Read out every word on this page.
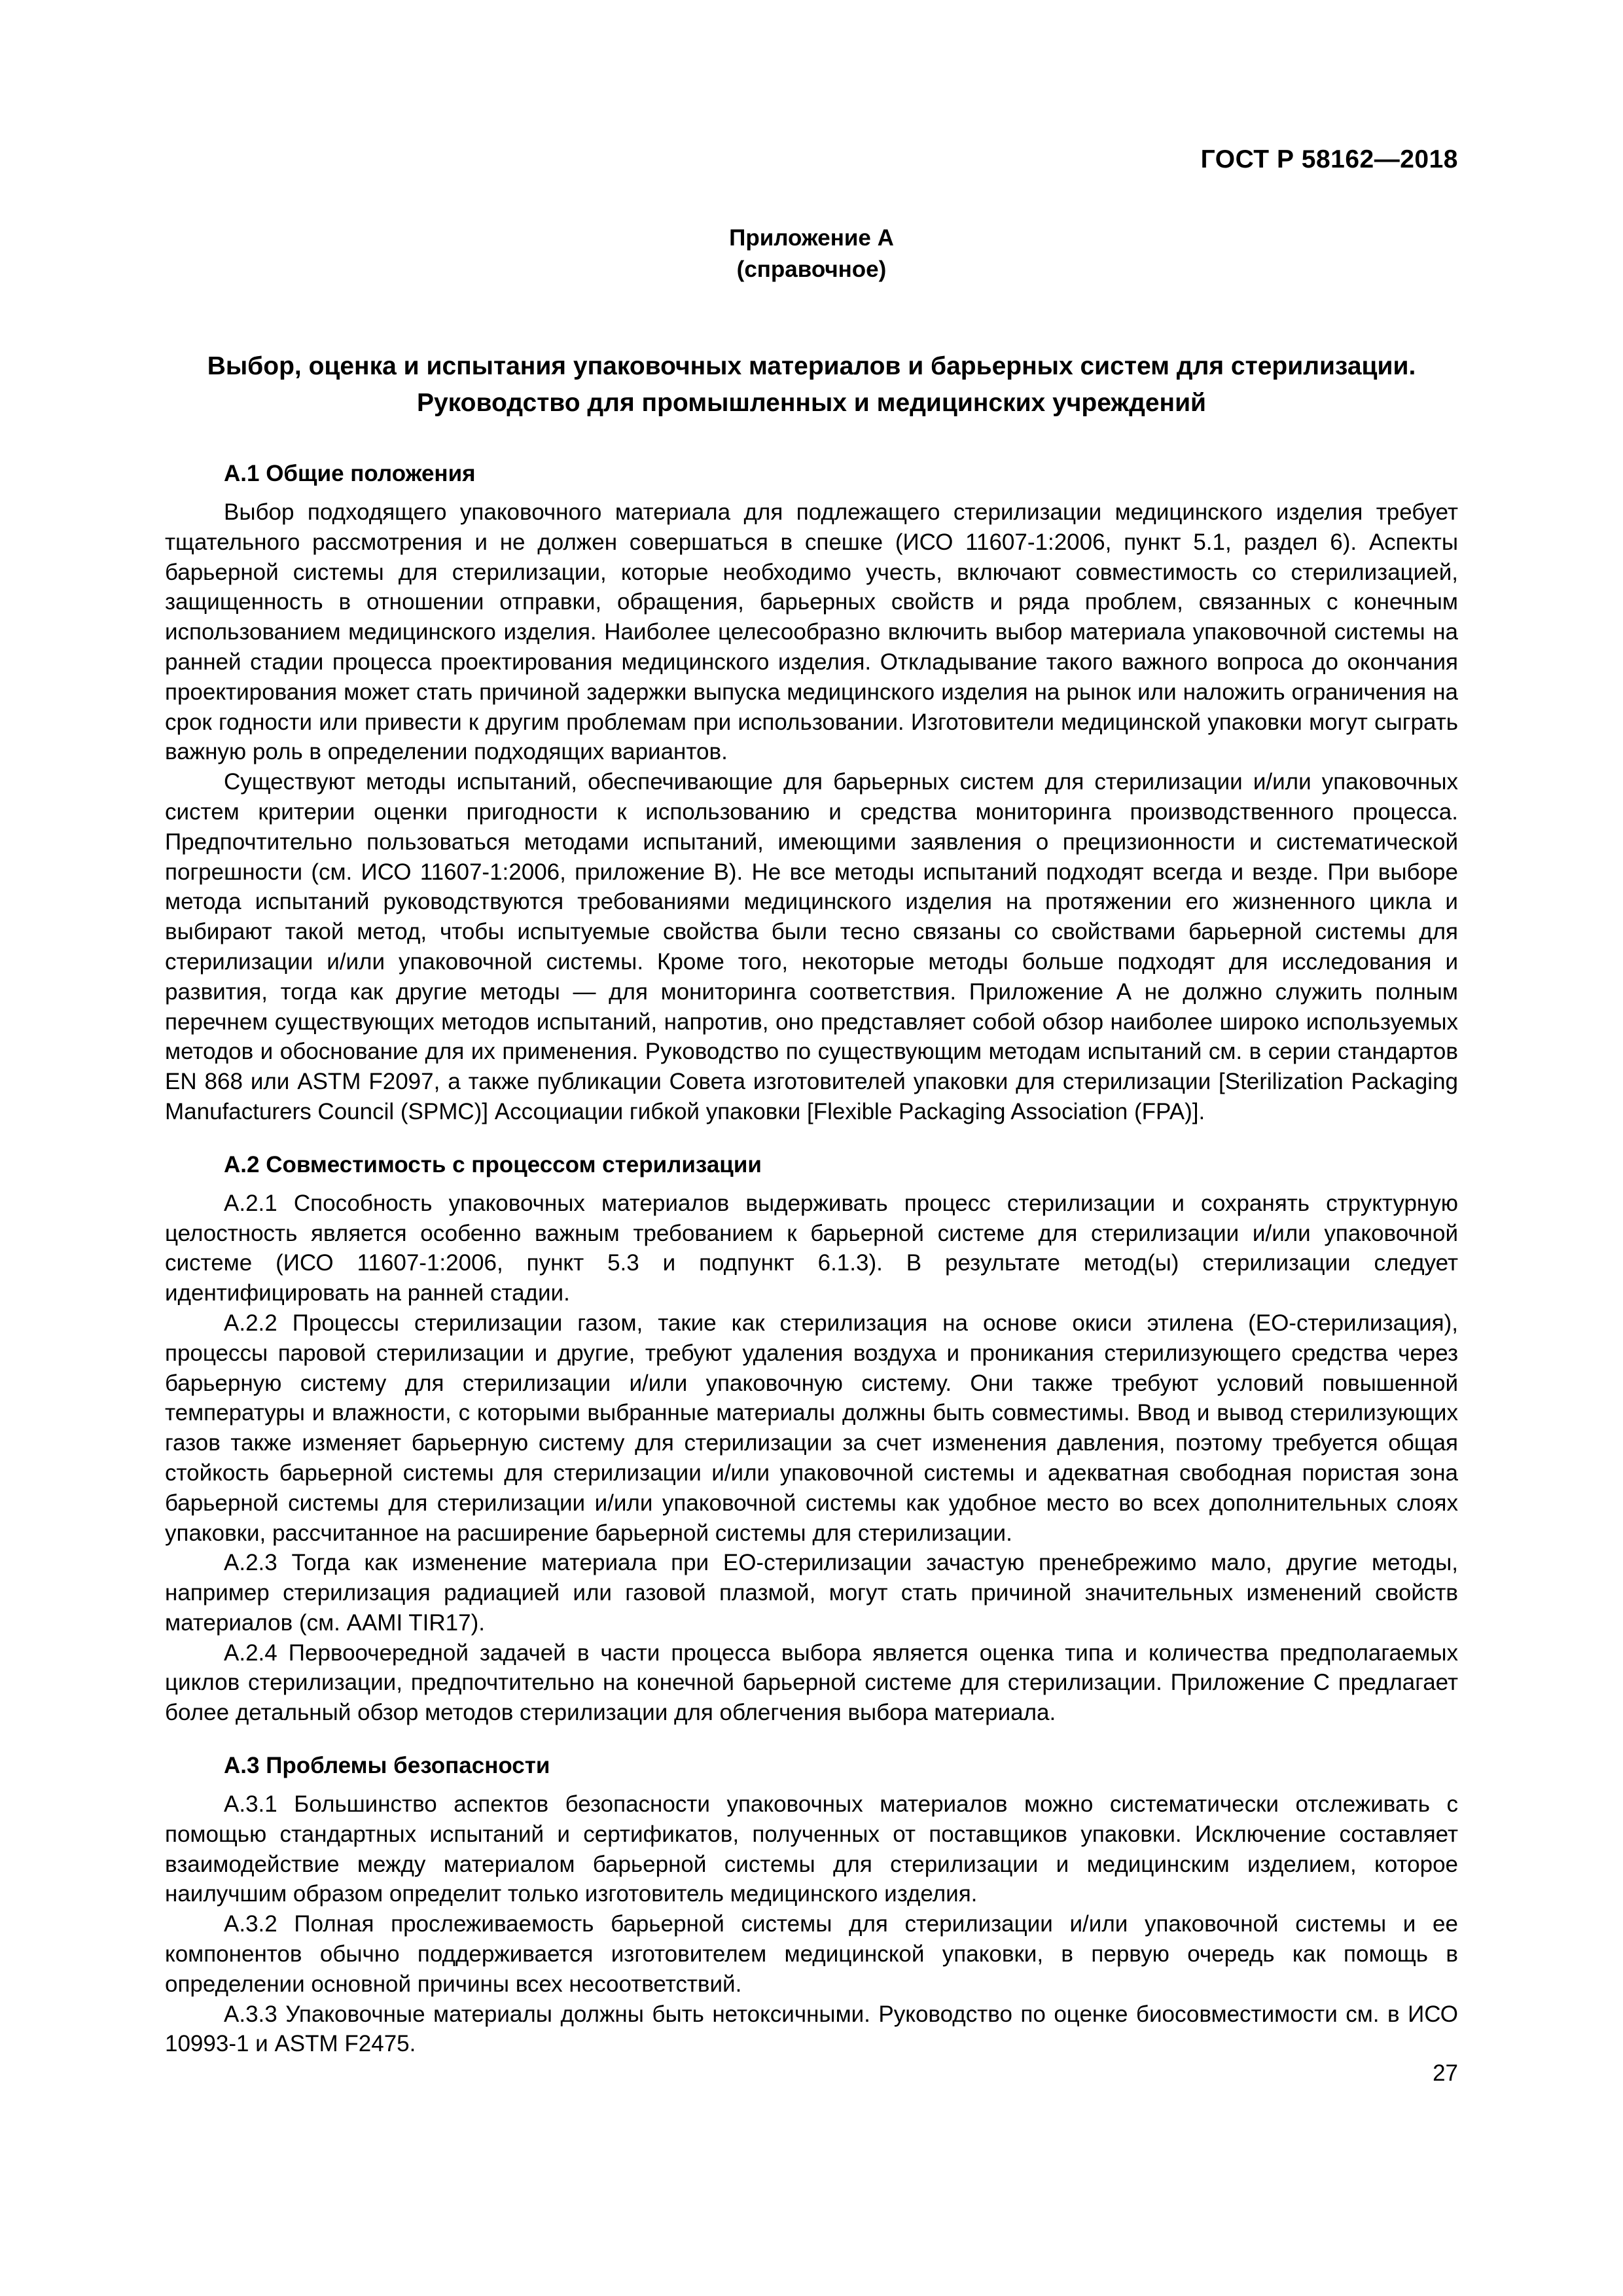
ГОСТ Р 58162—2018
Приложение А
(справочное)
Выбор, оценка и испытания упаковочных материалов и барьерных систем для стерилизации.
Руководство для промышленных и медицинских учреждений
А.1 Общие положения

Выбор подходящего упаковочного материала для подлежащего стерилизации медицинского изделия требует тщательного рассмотрения и не должен совершаться в спешке (ИСО 11607-1:2006, пункт 5.1, раздел 6). Аспекты барьерной системы для стерилизации, которые необходимо учесть, включают совместимость со стерилизацией, защищенность в отношении отправки, обращения, барьерных свойств и ряда проблем, связанных с конечным использованием медицинского изделия. Наиболее целесообразно включить выбор материала упаковочной системы на ранней стадии процесса проектирования медицинского изделия. Откладывание такого важного вопроса до окончания проектирования может стать причиной задержки выпуска медицинского изделия на рынок или наложить ограничения на срок годности или привести к другим проблемам при использовании. Изготовители медицинской упаковки могут сыграть важную роль в определении подходящих вариантов.

Существуют методы испытаний, обеспечивающие для барьерных систем для стерилизации и/или упаковочных систем критерии оценки пригодности к использованию и средства мониторинга производственного процесса. Предпочтительно пользоваться методами испытаний, имеющими заявления о прецизионности и систематической погрешности (см. ИСО 11607-1:2006, приложение В). Не все методы испытаний подходят всегда и везде. При выборе метода испытаний руководствуются требованиями медицинского изделия на протяжении его жизненного цикла и выбирают такой метод, чтобы испытуемые свойства были тесно связаны со свойствами барьерной системы для стерилизации и/или упаковочной системы. Кроме того, некоторые методы больше подходят для исследования и развития, тогда как другие методы — для мониторинга соответствия. Приложение А не должно служить полным перечнем существующих методов испытаний, напротив, оно представляет собой обзор наиболее широко используемых методов и обоснование для их применения. Руководство по существующим методам испытаний см. в серии стандартов EN 868 или ASTM F2097, а также публикации Совета изготовителей упаковки для стерилизации [Sterilization Packaging Manufacturers Council (SPMC)] Ассоциации гибкой упаковки [Flexible Packaging Association (FPA)].

А.2 Совместимость с процессом стерилизации

А.2.1 Способность упаковочных материалов выдерживать процесс стерилизации и сохранять структурную целостность является особенно важным требованием к барьерной системе для стерилизации и/или упаковочной системе (ИСО 11607-1:2006, пункт 5.3 и подпункт 6.1.3). В результате метод(ы) стерилизации следует идентифицировать на ранней стадии.

А.2.2 Процессы стерилизации газом, такие как стерилизация на основе окиси этилена (ЕО-стерилизация), процессы паровой стерилизации и другие, требуют удаления воздуха и проникания стерилизующего средства через барьерную систему для стерилизации и/или упаковочную систему. Они также требуют условий повышенной температуры и влажности, с которыми выбранные материалы должны быть совместимы. Ввод и вывод стерилизующих газов также изменяет барьерную систему для стерилизации за счет изменения давления, поэтому требуется общая стойкость барьерной системы для стерилизации и/или упаковочной системы и адекватная свободная пористая зона барьерной системы для стерилизации и/или упаковочной системы как удобное место во всех дополнительных слоях упаковки, рассчитанное на расширение барьерной системы для стерилизации.

А.2.3 Тогда как изменение материала при ЕО-стерилизации зачастую пренебрежимо мало, другие методы, например стерилизация радиацией или газовой плазмой, могут стать причиной значительных изменений свойств материалов (см. AAMI TIR17).

А.2.4 Первоочередной задачей в части процесса выбора является оценка типа и количества предполагаемых циклов стерилизации, предпочтительно на конечной барьерной системе для стерилизации. Приложение С предлагает более детальный обзор методов стерилизации для облегчения выбора материала.

А.3 Проблемы безопасности

А.3.1 Большинство аспектов безопасности упаковочных материалов можно систематически отслеживать с помощью стандартных испытаний и сертификатов, полученных от поставщиков упаковки. Исключение составляет взаимодействие между материалом барьерной системы для стерилизации и медицинским изделием, которое наилучшим образом определит только изготовитель медицинского изделия.

А.3.2 Полная прослеживаемость барьерной системы для стерилизации и/или упаковочной системы и ее компонентов обычно поддерживается изготовителем медицинской упаковки, в первую очередь как помощь в определении основной причины всех несоответствий.

А.3.3 Упаковочные материалы должны быть нетоксичными. Руководство по оценке биосовместимости см. в ИСО 10993-1 и ASTM F2475.

27
